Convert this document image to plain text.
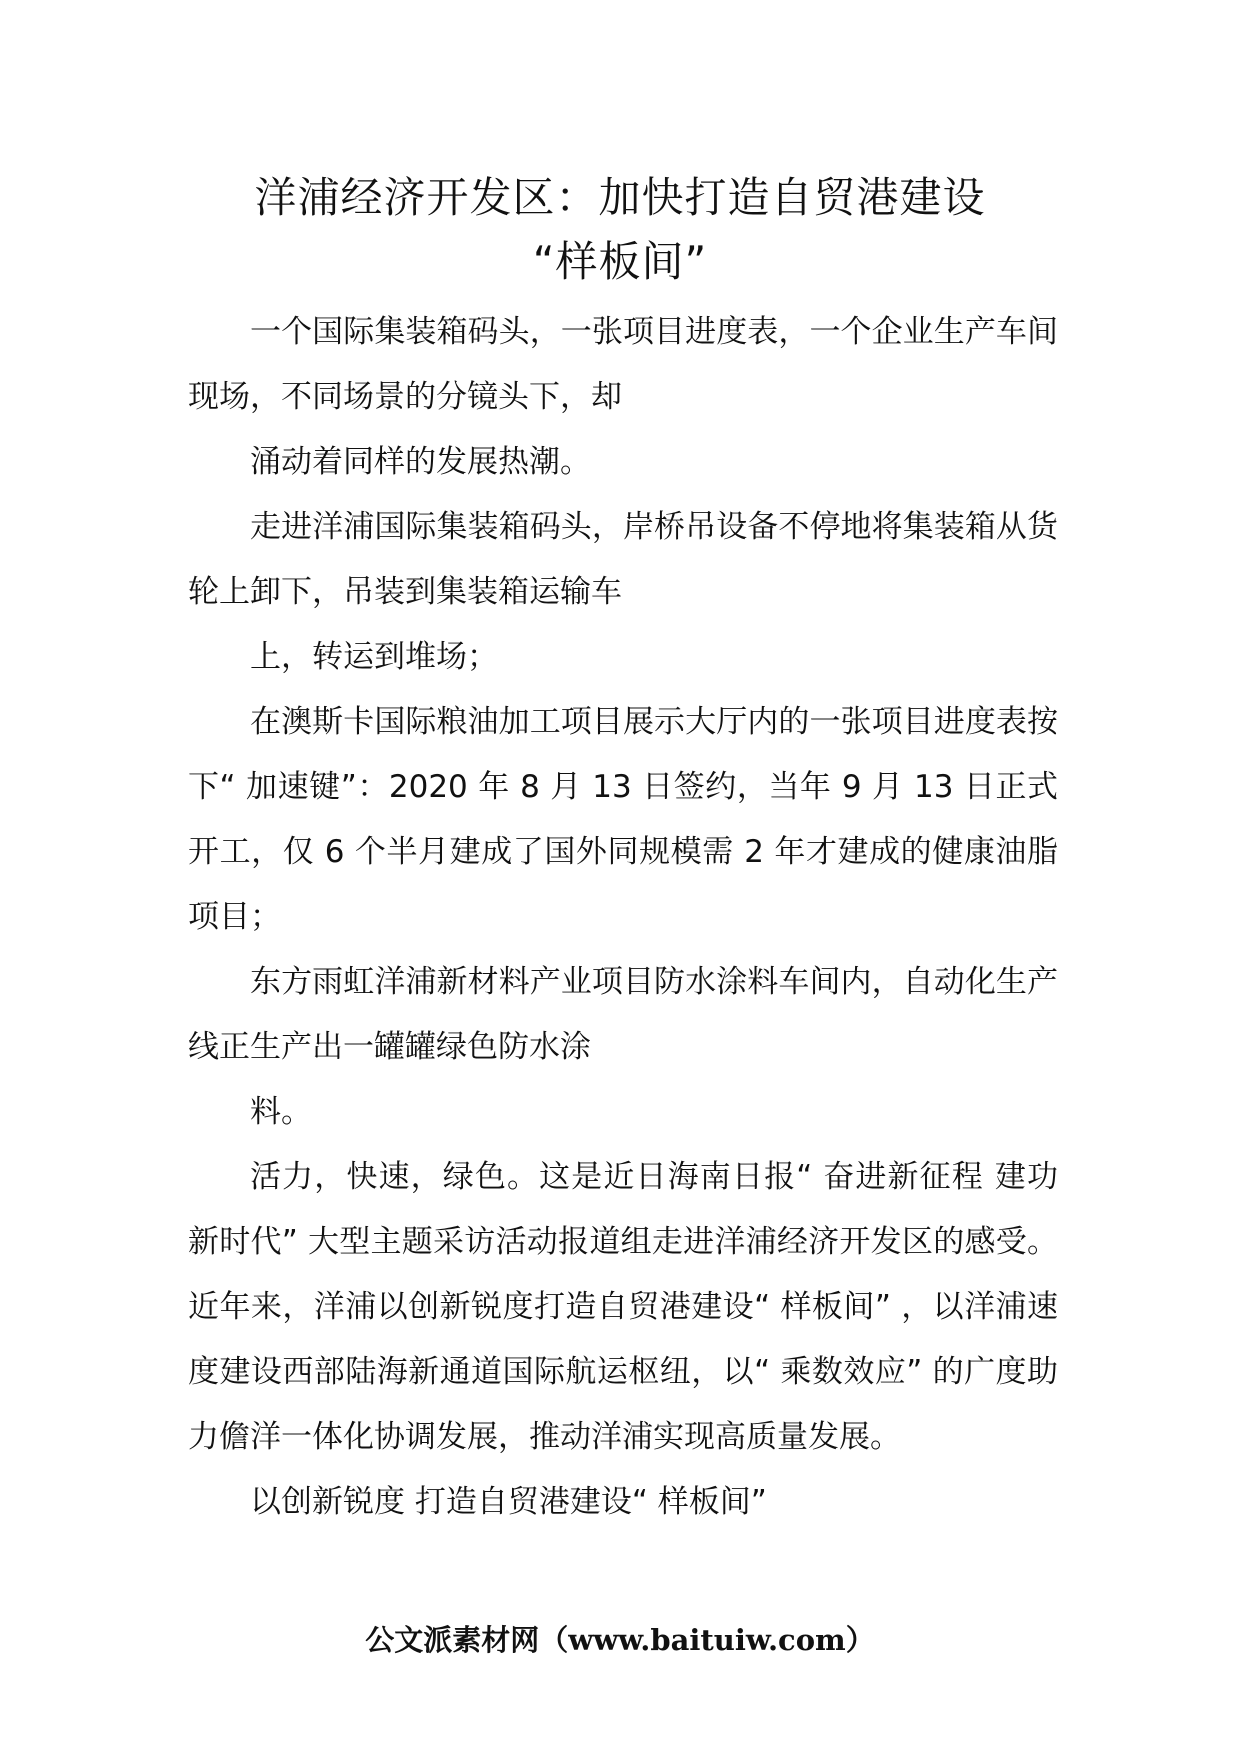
洋浦经济开发区：加快打造自贸港建设
“样板间”

一个国际集装箱码头，一张项目进度表，一个企业生产车间现场，不同场景的分镜头下，却

涌动着同样的发展热潮。

走进洋浦国际集装箱码头，岸桥吊设备不停地将集装箱从货轮上卸下，吊装到集装箱运输车

上，转运到堆场；

在澳斯卡国际粮油加工项目展示大厅内的一张项目进度表按下“ 加速键”：2020 年 8 月 13 日签约，当年 9 月 13 日正式开工，仅 6 个半月建成了国外同规模需 2 年才建成的健康油脂项目；

东方雨虹洋浦新材料产业项目防水涂料车间内，自动化生产线正生产出一罐罐绿色防水涂

料。

活力，快速，绿色。这是近日海南日报“ 奋进新征程 建功新时代” 大型主题采访活动报道组走进洋浦经济开发区的感受。近年来，洋浦以创新锐度打造自贸港建设“ 样板间” ，以洋浦速度建设西部陆海新通道国际航运枢纽，以“ 乘数效应” 的广度助力儋洋一体化协调发展，推动洋浦实现高质量发展。

以创新锐度 打造自贸港建设“ 样板间”

公文派素材网（www.baituiw.com）
